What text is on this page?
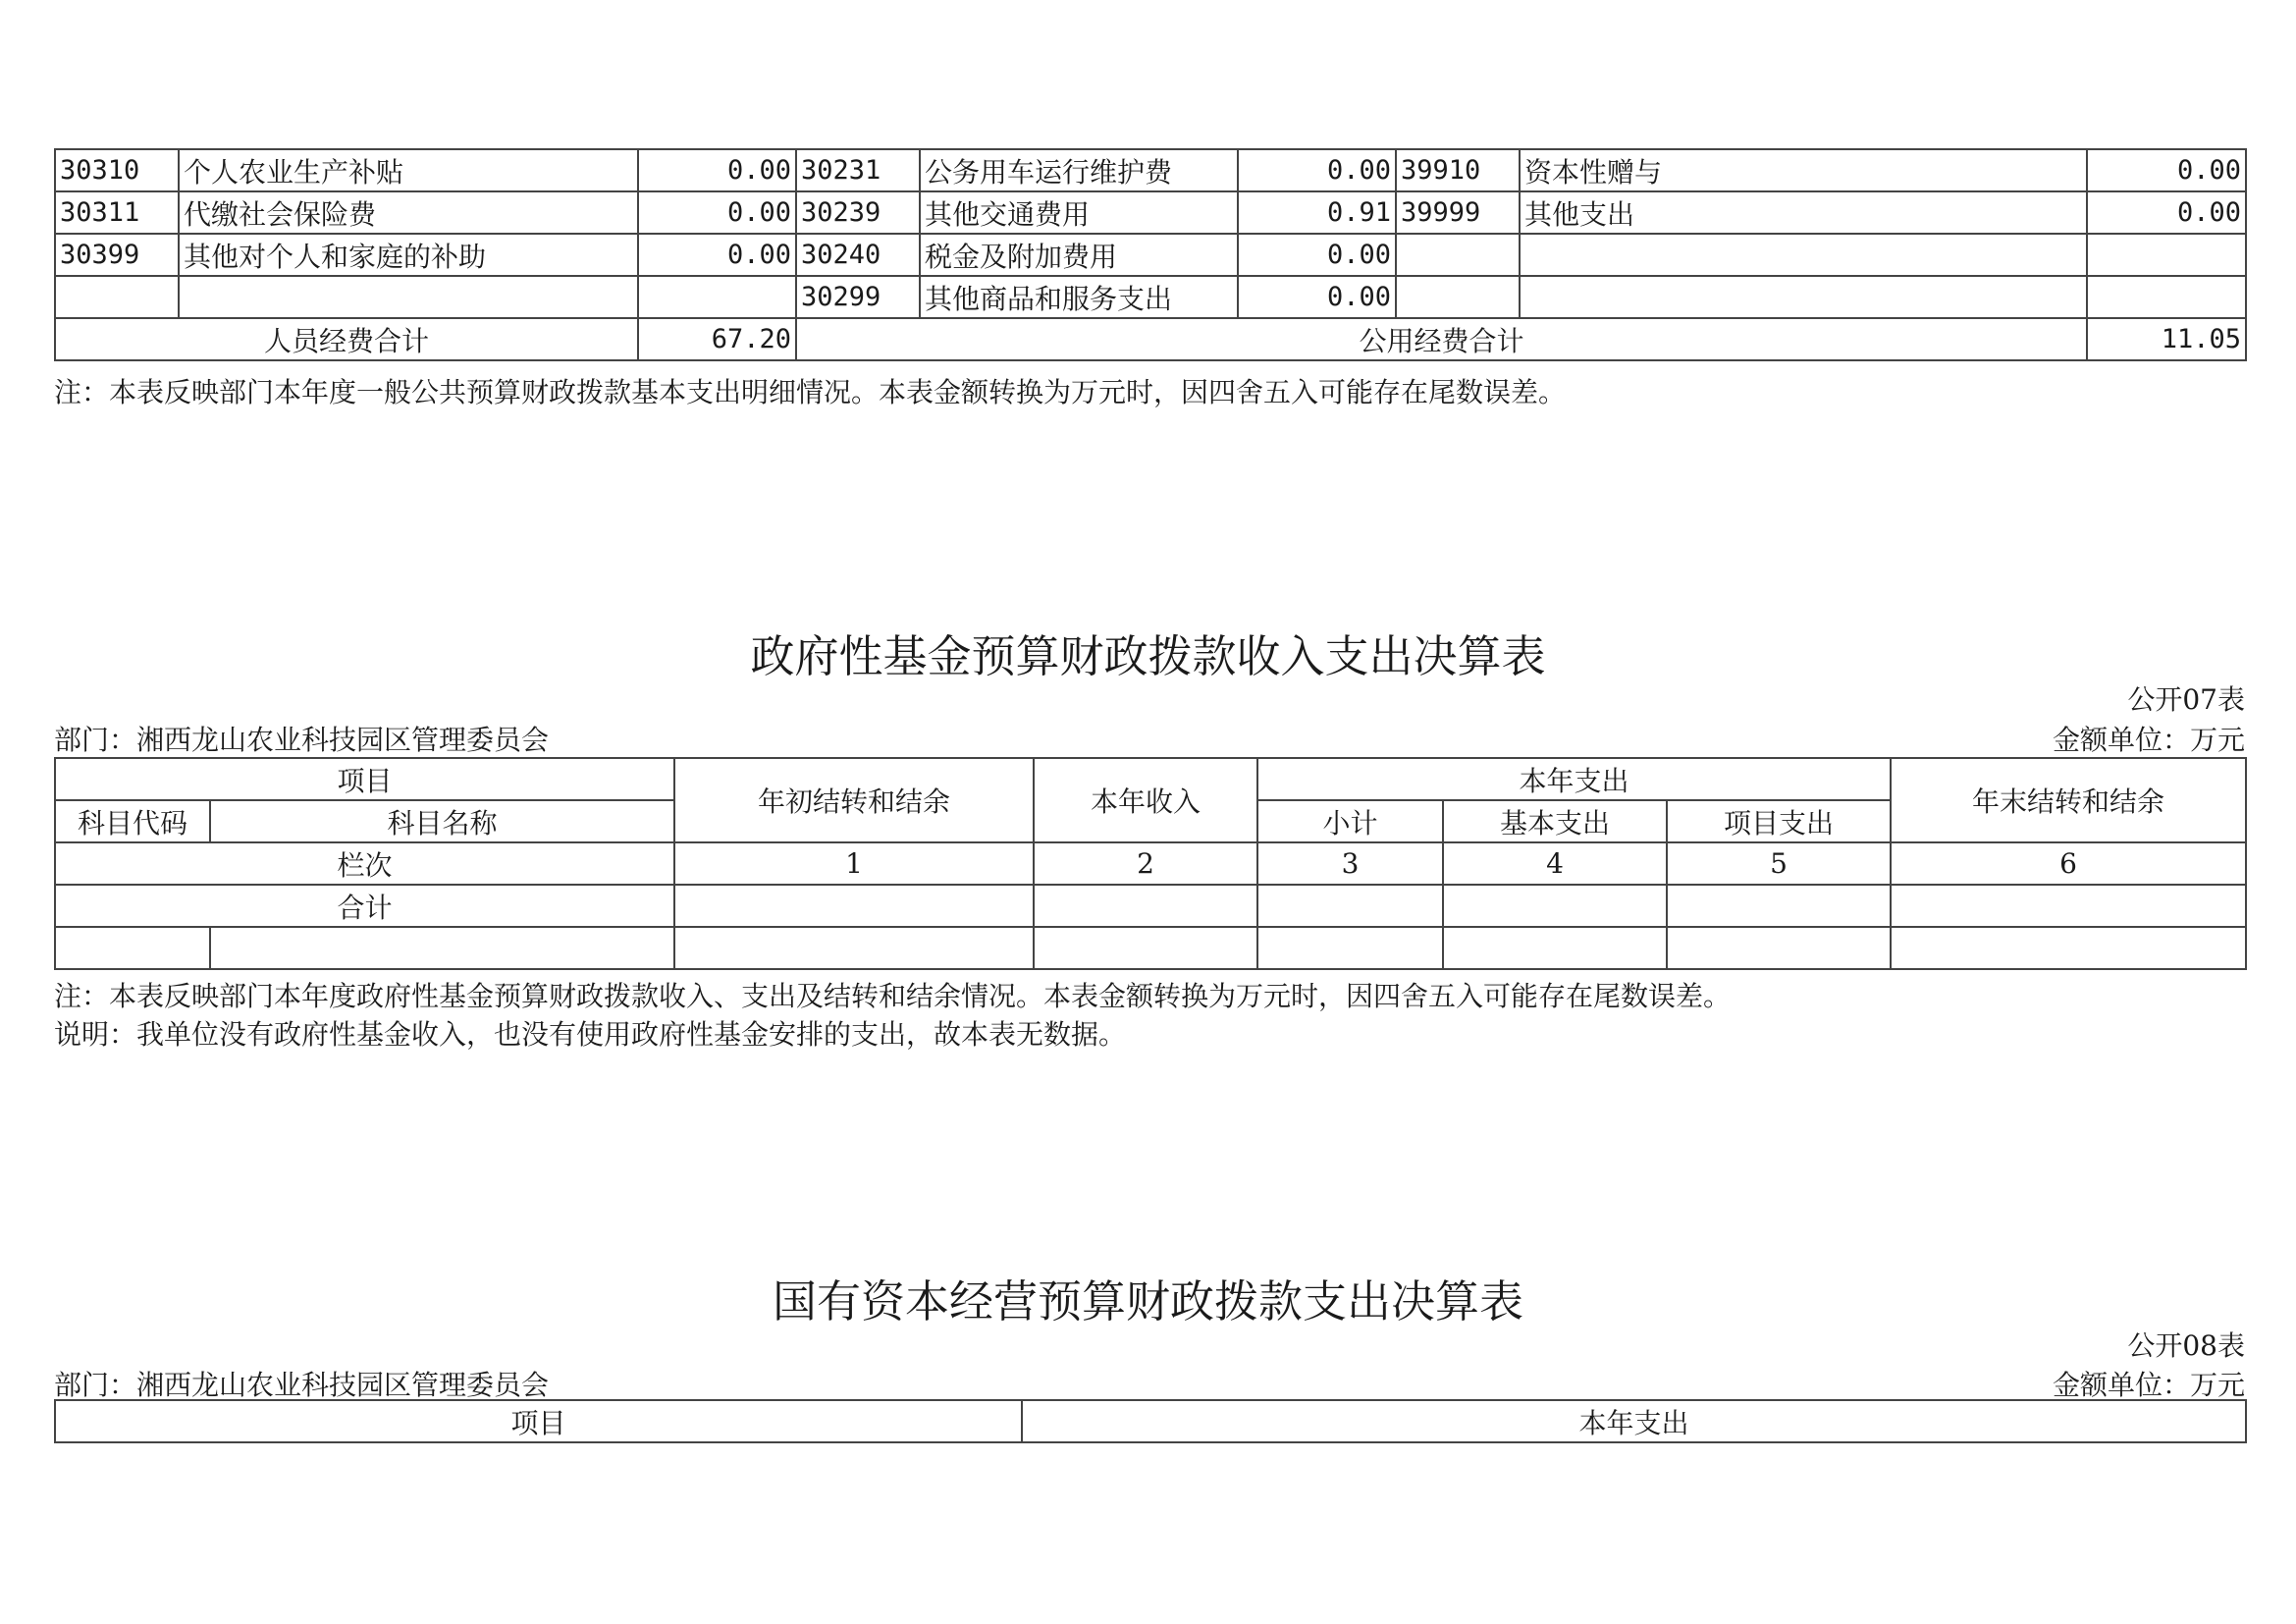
30310	个人农业生产补贴	0.00	30231	公务用车运行维护费	0.00	39910	资本性赠与	0.00
30311	代缴社会保险费	0.00	30239	其他交通费用	0.91	39999	其他支出	0.00
30399	其他对个人和家庭的补助	0.00	30240	税金及附加费用	0.00			
			30299	其他商品和服务支出	0.00			
人员经费合计		67.20	公用经费合计					11.05
注：本表反映部门本年度一般公共预算财政拨款基本支出明细情况。本表金额转换为万元时，因四舍五入可能存在尾数误差。
政府性基金预算财政拨款收入支出决算表
公开07表
部门：湘西龙山农业科技园区管理委员会	金额单位：万元
项目		年初结转和结余	本年收入	本年支出			年末结转和结余
科目代码	科目名称			小计	基本支出	项目支出	
栏次		1	2	3	4	5	6
合计							

注：本表反映部门本年度政府性基金预算财政拨款收入、支出及结转和结余情况。本表金额转换为万元时，因四舍五入可能存在尾数误差。
说明：我单位没有政府性基金收入，也没有使用政府性基金安排的支出，故本表无数据。
国有资本经营预算财政拨款支出决算表
公开08表
部门：湘西龙山农业科技园区管理委员会	金额单位：万元
项目	本年支出
